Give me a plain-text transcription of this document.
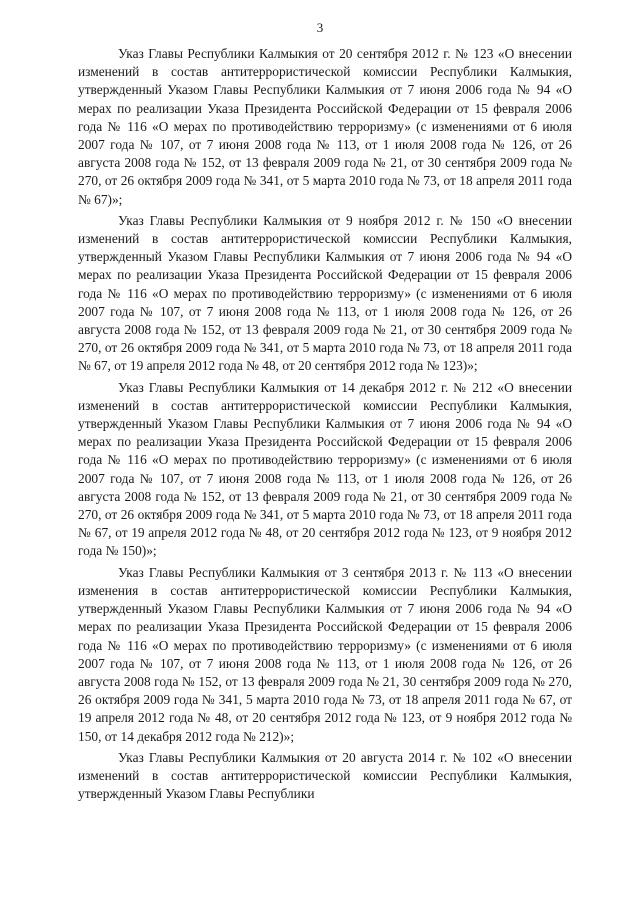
3

Указ Главы Республики Калмыкия от 20 сентября 2012 г. № 123 «О внесении изменений в состав антитеррористической комиссии Республики Калмыкия, утвержденный Указом Главы Республики Калмыкия от 7 июня 2006 года № 94 «О мерах по реализации Указа Президента Российской Федерации от 15 февраля 2006 года № 116 «О мерах по противодействию терроризму» (с изменениями от 6 июля 2007 года № 107, от 7 июня 2008 года № 113, от 1 июля 2008 года № 126, от 26 августа 2008 года № 152, от 13 февраля 2009 года № 21, от 30 сентября 2009 года № 270, от 26 октября 2009 года № 341, от 5 марта 2010 года № 73, от 18 апреля 2011 года № 67)»;

Указ Главы Республики Калмыкия от 9 ноября 2012 г. № 150 «О внесении изменений в состав антитеррористической комиссии Республики Калмыкия, утвержденный Указом Главы Республики Калмыкия от 7 июня 2006 года № 94 «О мерах по реализации Указа Президента Российской Федерации от 15 февраля 2006 года № 116 «О мерах по противодействию терроризму» (с изменениями от 6 июля 2007 года № 107, от 7 июня 2008 года № 113, от 1 июля 2008 года № 126, от 26 августа 2008 года № 152, от 13 февраля 2009 года № 21, от 30 сентября 2009 года № 270, от 26 октября 2009 года № 341, от 5 марта 2010 года № 73, от 18 апреля 2011 года № 67, от 19 апреля 2012 года № 48, от 20 сентября 2012 года № 123)»;

Указ Главы Республики Калмыкия от 14 декабря 2012 г. № 212 «О внесении изменений в состав антитеррористической комиссии Республики Калмыкия, утвержденный Указом Главы Республики Калмыкия от 7 июня 2006 года № 94 «О мерах по реализации Указа Президента Российской Федерации от 15 февраля 2006 года № 116 «О мерах по противодействию терроризму» (с изменениями от 6 июля 2007 года № 107, от 7 июня 2008 года № 113, от 1 июля 2008 года № 126, от 26 августа 2008 года № 152, от 13 февраля 2009 года № 21, от 30 сентября 2009 года № 270, от 26 октября 2009 года № 341, от 5 марта 2010 года № 73, от 18 апреля 2011 года № 67, от 19 апреля 2012 года № 48, от 20 сентября 2012 года № 123, от 9 ноября 2012 года № 150)»;

Указ Главы Республики Калмыкия от 3 сентября 2013 г. № 113 «О внесении изменения в состав антитеррористической комиссии Республики Калмыкия, утвержденный Указом Главы Республики Калмыкия от 7 июня 2006 года № 94 «О мерах по реализации Указа Президента Российской Федерации от 15 февраля 2006 года № 116 «О мерах по противодействию терроризму» (с изменениями от 6 июля 2007 года № 107, от 7 июня 2008 года № 113, от 1 июля 2008 года № 126, от 26 августа 2008 года № 152, от 13 февраля 2009 года № 21, 30 сентября 2009 года № 270, 26 октября 2009 года № 341, 5 марта 2010 года № 73, от 18 апреля 2011 года № 67, от 19 апреля 2012 года № 48, от 20 сентября 2012 года № 123, от 9 ноября 2012 года № 150, от 14 декабря 2012 года № 212)»;

Указ Главы Республики Калмыкия от 20 августа 2014 г. № 102 «О внесении изменений в состав антитеррористической комиссии Республики Калмыкия, утвержденный Указом Главы Республики
